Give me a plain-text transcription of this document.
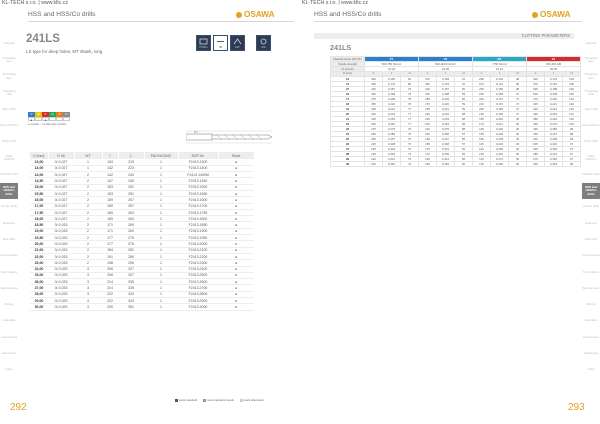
KL-TECH s.r.o. | www.kltc.cz
HSS and HSS/Co drills	OSAWA
General
Threading taps
Threading dies
Threading mills
Taps HSS
Taps HSS/Co
Drills HSS
Drills HSS/Co
Carbide drills
HSS and HSS/Co drills
Centre drills
Reamers
End mills
Countersinks
Tool holders
Special tools
Boring
Indexable
Accessories
Measuring
Index
241LS
LS type for deep holes, MT shank, long
HSSCo	h8	118°	DIN
P	M	K	N	S	H
●	○	●
● suitable ○ conditionally suitable
MT
D [mm]	D h8	MT	l	L	PACKAGING	EDP-Nr.	Stock
13,00	0/-0,027	1	134	215	1	F2413.1300	●
14,00	0/-0,027	1	142	223	1	F2413.1400	●
14,00	0/-0,027	2	142	240	1	F2413.1400M	●
14,50	0/-0,027	2	147	245	1	F2413.1450	●
15,00	0/-0,027	2	153	251	1	F2413.1500	●
15,50	0/-0,027	2	153	251	1	F2413.1550	●
16,00	0/-0,027	2	159	257	1	F2413.1600	●
17,00	0/-0,027	2	159	257	1	F2413.1700	●
17,50	0/-0,027	2	165	263	1	F2413.1750	●
18,00	0/-0,027	2	165	263	1	F2413.1800	●
18,50	0/-0,033	2	171	269	1	F2413.1850	●
19,00	0/-0,033	2	171	269	1	F2413.1900	●
19,50	0/-0,033	2	177	275	1	F2413.1950	●
20,00	0/-0,033	2	177	275	1	F2413.2000	●
21,00	0/-0,033	2	184	282	1	F2413.2100	●
22,00	0/-0,033	2	191	289	1	F2413.2200	●
23,00	0/-0,033	2	198	296	1	F2413.2300	●
24,00	0/-0,033	3	206	327	1	F2413.2400	●
25,00	0/-0,033	3	206	327	1	F2413.2500	●
26,00	0/-0,033	3	214	335	1	F2413.2600	●
27,00	0/-0,033	3	214	335	1	F2413.2700	●
28,00	0/-0,033	3	222	343	1	F2413.2800	●
29,00	0/-0,033	3	222	343	1	F2413.2900	●
30,00	0/-0,033	3	230	351	1	F2413.3000	●
stock standard	stock standard needs	stock alternative
292
KL-TECH s.r.o. | www.kltc.cz
HSS and HSS/Co drills	OSAWA
General
Threading taps
Threading dies
Threading mills
Taps HSS
Taps HSS/Co
Drills HSS
Drills HSS/Co
Carbide drills
HSS and HSS/Co drills
Centre drills
Reamers
End mills
Countersinks
Tool holders
Special tools
Boring
Indexable
Accessories
Measuring
Index
293
CUTTING PARAMETERS
241LS
Material Group ISO 513	P1			P2			M1			K1		
Tensile strength	500-750 N/mm²			600-1100 N/mm²			<750 N/mm²			150-300 HB		
Vc [m/min]	10-20			10-20			10-14			20-35		
D [mm]	n	f	vf	n	f	vf	n	f	vf	n	f	vf
13	490	0,165	81	370	0,165	61	290	0,132	38	620	0,176	109
14	455	0,176	80	345	0,176	61	270	0,141	38	575	0,187	108
15	425	0,187	79	320	0,187	60	250	0,150	38	535	0,198	106
16	400	0,198	79	300	0,198	59	235	0,158	37	500	0,209	105
17	375	0,209	78	285	0,209	60	220	0,167	37	470	0,220	103
18	355	0,220	78	270	0,220	59	210	0,176	37	445	0,231	103
19	335	0,231	77	255	0,231	59	200	0,185	37	420	0,242	102
20	320	0,242	77	240	0,242	58	190	0,194	37	400	0,253	101
21	305	0,253	77	230	0,253	58	180	0,202	36	380	0,264	100
22	290	0,264	77	220	0,264	58	170	0,211	36	365	0,275	100
23	275	0,275	76	210	0,275	58	165	0,220	36	345	0,286	99
24	265	0,286	76	200	0,286	57	155	0,229	36	330	0,297	98
25	255	0,297	76	190	0,297	56	150	0,238	36	320	0,308	99
26	245	0,308	75	185	0,308	57	145	0,246	36	305	0,319	97
27	235	0,319	75	175	0,319	56	140	0,255	36	295	0,330	97
28	225	0,330	74	170	0,330	56	135	0,264	36	285	0,341	97
29	220	0,341	75	165	0,341	56	130	0,273	35	275	0,352	97
30	210	0,352	74	160	0,352	56	125	0,282	35	265	0,363	96
